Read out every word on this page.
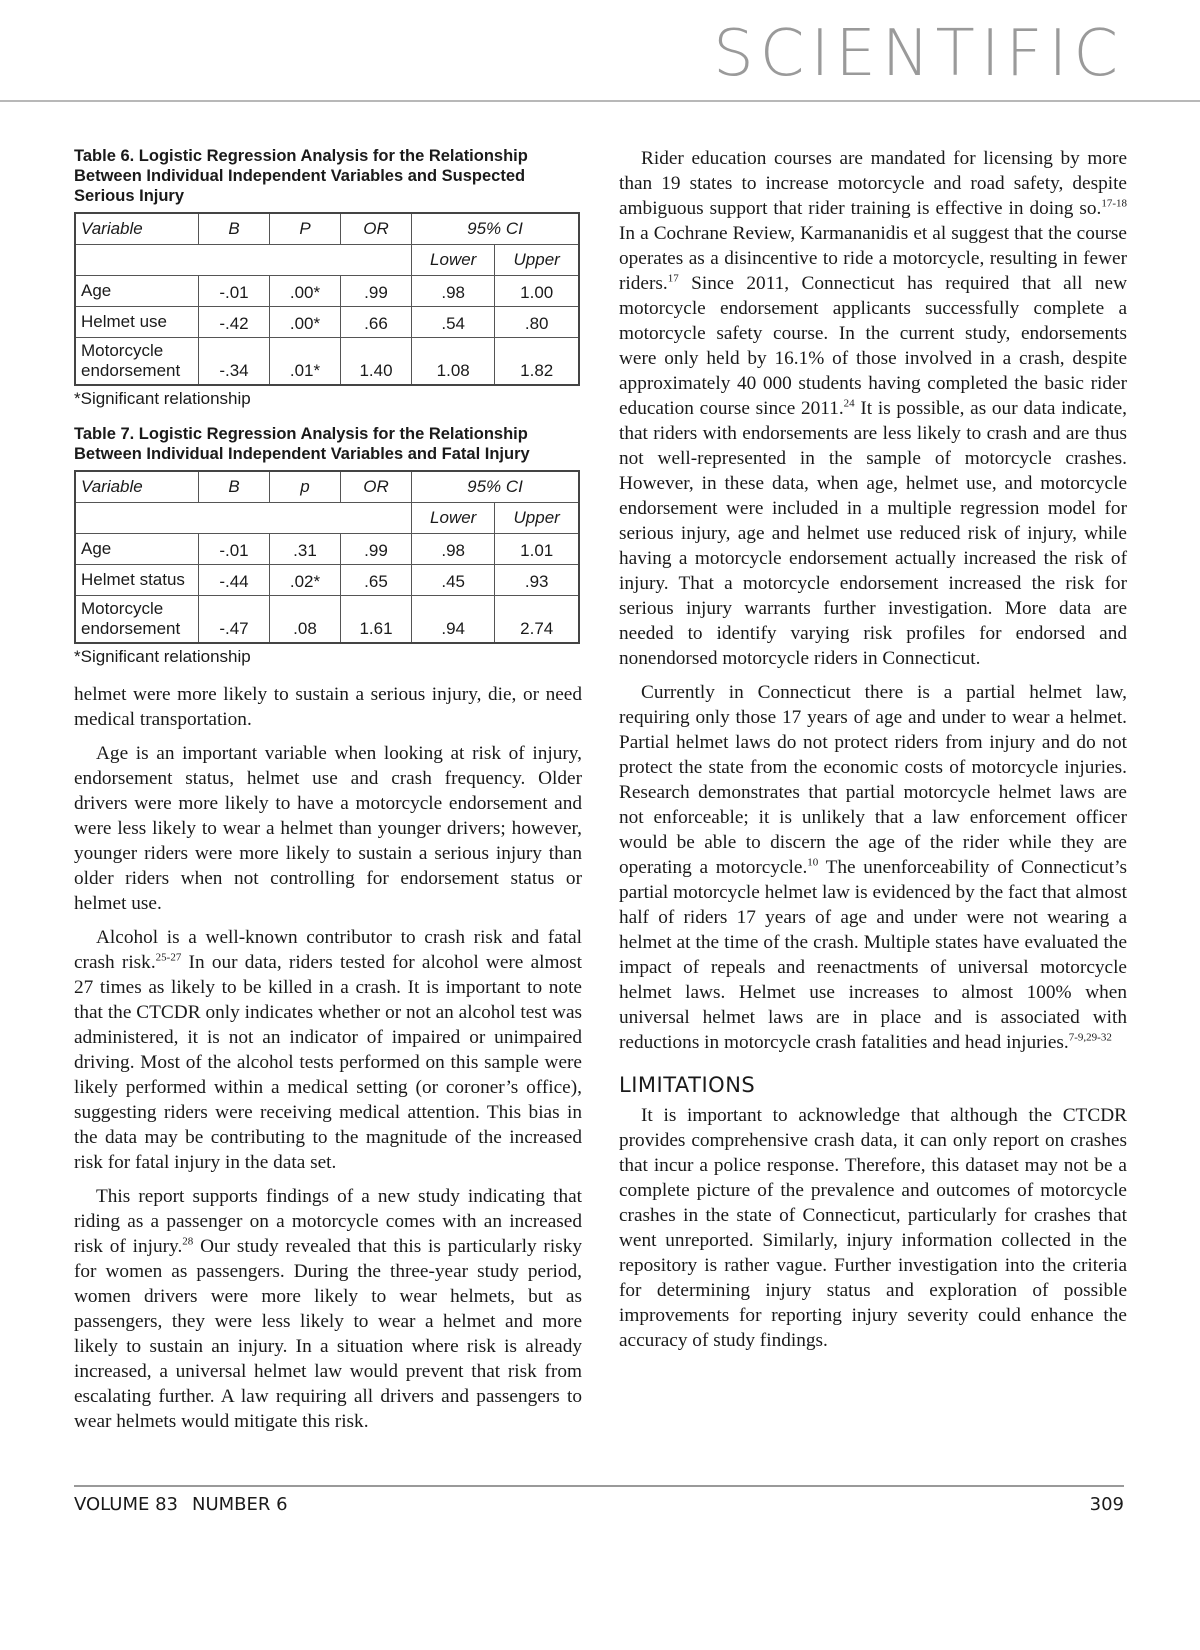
SCIENTIFIC
Table 6. Logistic Regression Analysis for the Relationship Between Individual Independent Variables and Suspected Serious Injury
Variable	B	P	OR	95% CI	
				Lower	Upper
Age	-.01	.00*	.99	.98	1.00
Helmet use	-.42	.00*	.66	.54	.80
Motorcycle endorsement	-.34	.01*	1.40	1.08	1.82
*Significant relationship
Table 7. Logistic Regression Analysis for the Relationship Between Individual Independent Variables and Fatal Injury
Variable	B	p	OR	95% CI	
				Lower	Upper
Age	-.01	.31	.99	.98	1.01
Helmet status	-.44	.02*	.65	.45	.93
Motorcycle endorsement	-.47	.08	1.61	.94	2.74
*Significant relationship

helmet were more likely to sustain a serious injury, die, or need medical transportation.

Age is an important variable when looking at risk of injury, endorsement status, helmet use and crash frequency. Older drivers were more likely to have a motorcycle endorsement and were less likely to wear a helmet than younger drivers; however, younger riders were more likely to sustain a serious injury than older riders when not controlling for endorsement status or helmet use.

Alcohol is a well-known contributor to crash risk and fatal crash risk.$^{25-27}$ In our data, riders tested for alcohol were almost 27 times as likely to be killed in a crash. It is important to note that the CTCDR only indicates whether or not an alcohol test was administered, it is not an indicator of impaired or unimpaired driving. Most of the alcohol tests performed on this sample were likely performed within a medical setting (or coroner’s office), suggesting riders were receiving medical attention. This bias in the data may be contributing to the magnitude of the increased risk for fatal injury in the data set.

This report supports findings of a new study indicating that riding as a passenger on a motorcycle comes with an increased risk of injury.$^{28}$ Our study revealed that this is particularly risky for women as passengers. During the three-year study period, women drivers were more likely to wear helmets, but as passengers, they were less likely to wear a helmet and more likely to sustain an injury. In a situation where risk is already increased, a universal helmet law would prevent that risk from escalating further. A law requiring all drivers and passengers to wear helmets would mitigate this risk.

Rider education courses are mandated for licensing by more than 19 states to increase motorcycle and road safety, despite ambiguous support that rider training is effective in doing so.$^{17-18}$ In a Cochrane Review, Karmananidis et al suggest that the course operates as a disincentive to ride a motorcycle, resulting in fewer riders.$^{17}$ Since 2011, Connecticut has required that all new motorcycle endorsement applicants successfully complete a motorcycle safety course. In the current study, endorsements were only held by 16.1% of those involved in a crash, despite approximately 40 000 students having completed the basic rider education course since 2011.24 It is possible, as our data indicate, that riders with endorsements are less likely to crash and are thus not well-represented in the sample of motorcycle crashes. However, in these data, when age, helmet use, and motorcycle endorsement were included in a multiple regression model for serious injury, age and helmet use reduced risk of injury, while having a motorcycle endorsement actually increased the risk of injury. That a motorcycle endorsement increased the risk for serious injury warrants further investigation. More data are needed to identify varying risk profiles for endorsed and nonendorsed motorcycle riders in Connecticut.

Currently in Connecticut there is a partial helmet law, requiring only those 17 years of age and under to wear a helmet. Partial helmet laws do not protect riders from injury and do not protect the state from the economic costs of motorcycle injuries. Research demonstrates that partial motorcycle helmet laws are not enforceable; it is unlikely that a law enforcement officer would be able to discern the age of the rider while they are operating a motorcycle.$^{10}$ The unenforceability of Connecticut’s partial motorcycle helmet law is evidenced by the fact that almost half of riders 17 years of age and under were not wearing a helmet at the time of the crash. Multiple states have evaluated the impact of repeals and reenactments of universal motorcycle helmet laws. Helmet use increases to almost 100% when universal helmet laws are in place and is associated with reductions in motorcycle crash fatalities and head injuries.$^{7-9,29-32}$

LIMITATIONS

It is important to acknowledge that although the CTCDR provides comprehensive crash data, it can only report on crashes that incur a police response. Therefore, this dataset may not be a complete picture of the prevalence and outcomes of motorcycle crashes in the state of Connecticut, particularly for crashes that went unreported. Similarly, injury information collected in the repository is rather vague. Further investigation into the criteria for determining injury status and exploration of possible improvements for reporting injury severity could enhance the accuracy of study findings.

VOLUME 83 NUMBER 6	309
